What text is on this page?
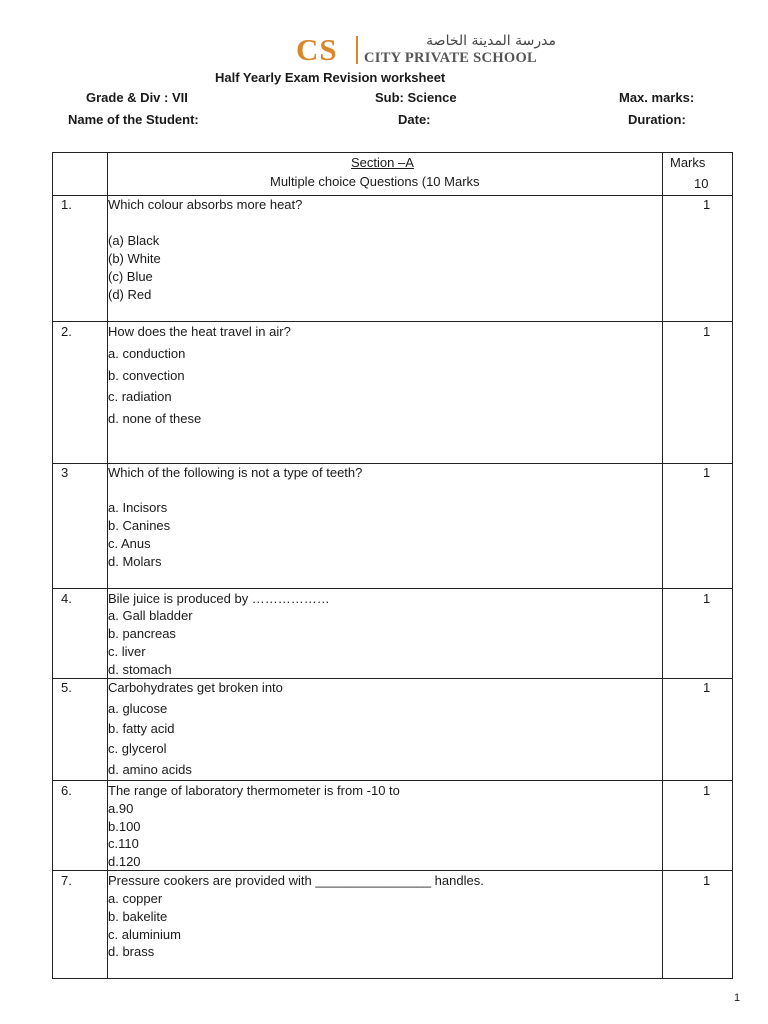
CS	مدرسة المدينة الخاصة
CITY PRIVATE SCHOOL
Half Yearly Exam Revision worksheet
Grade & Div : VII	Sub: Science	Max. marks:
Name of the Student:	Date:	Duration:
Section –A
Multiple choice Questions (10 Marks
Marks
10
1.	Which colour absorbs more heat?	1
(a) Black
(b) White
(c) Blue
(d) Red
2.	How does the heat travel in air?	1
a. conduction
b. convection
c. radiation
d. none of these
3	Which of the following is not a type of teeth?	1
a. Incisors
b. Canines
c. Anus
d. Molars
4.	Bile juice is produced by ………………	1
a. Gall bladder
b. pancreas
c. liver
d. stomach
5.	Carbohydrates get broken into	1
a. glucose
b. fatty acid
c. glycerol
d. amino acids
6.	The range of laboratory thermometer is from -10 to	1
a.90
b.100
c.110
d.120
7.	Pressure cookers are provided with ________________ handles.	1
a. copper
b. bakelite
c. aluminium
d. brass
1
